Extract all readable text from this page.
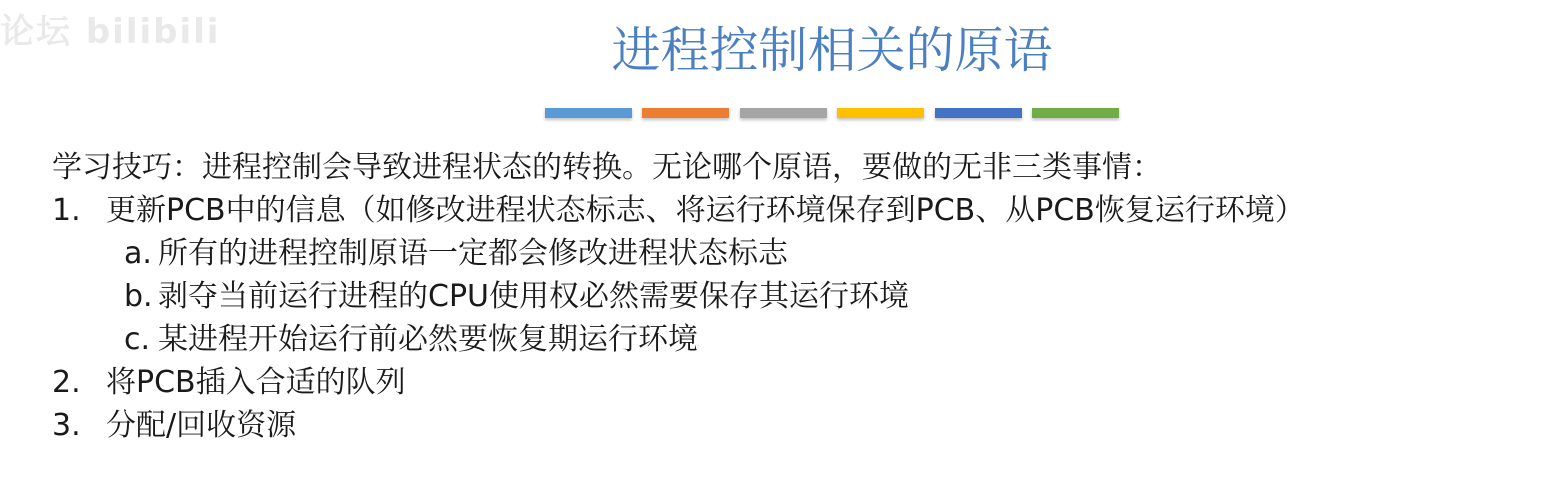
论坛 bilibili	进程控制相关的原语
学习技巧：进程控制会导致进程状态的转换。无论哪个原语，要做的无非三类事情：
1. 更新PCB中的信息（如修改进程状态标志、将运行环境保存到PCB、从PCB恢复运行环境）
a. 所有的进程控制原语一定都会修改进程状态标志
b. 剥夺当前运行进程的CPU使用权必然需要保存其运行环境
c. 某进程开始运行前必然要恢复期运行环境
2. 将PCB插入合适的队列
3. 分配/回收资源
